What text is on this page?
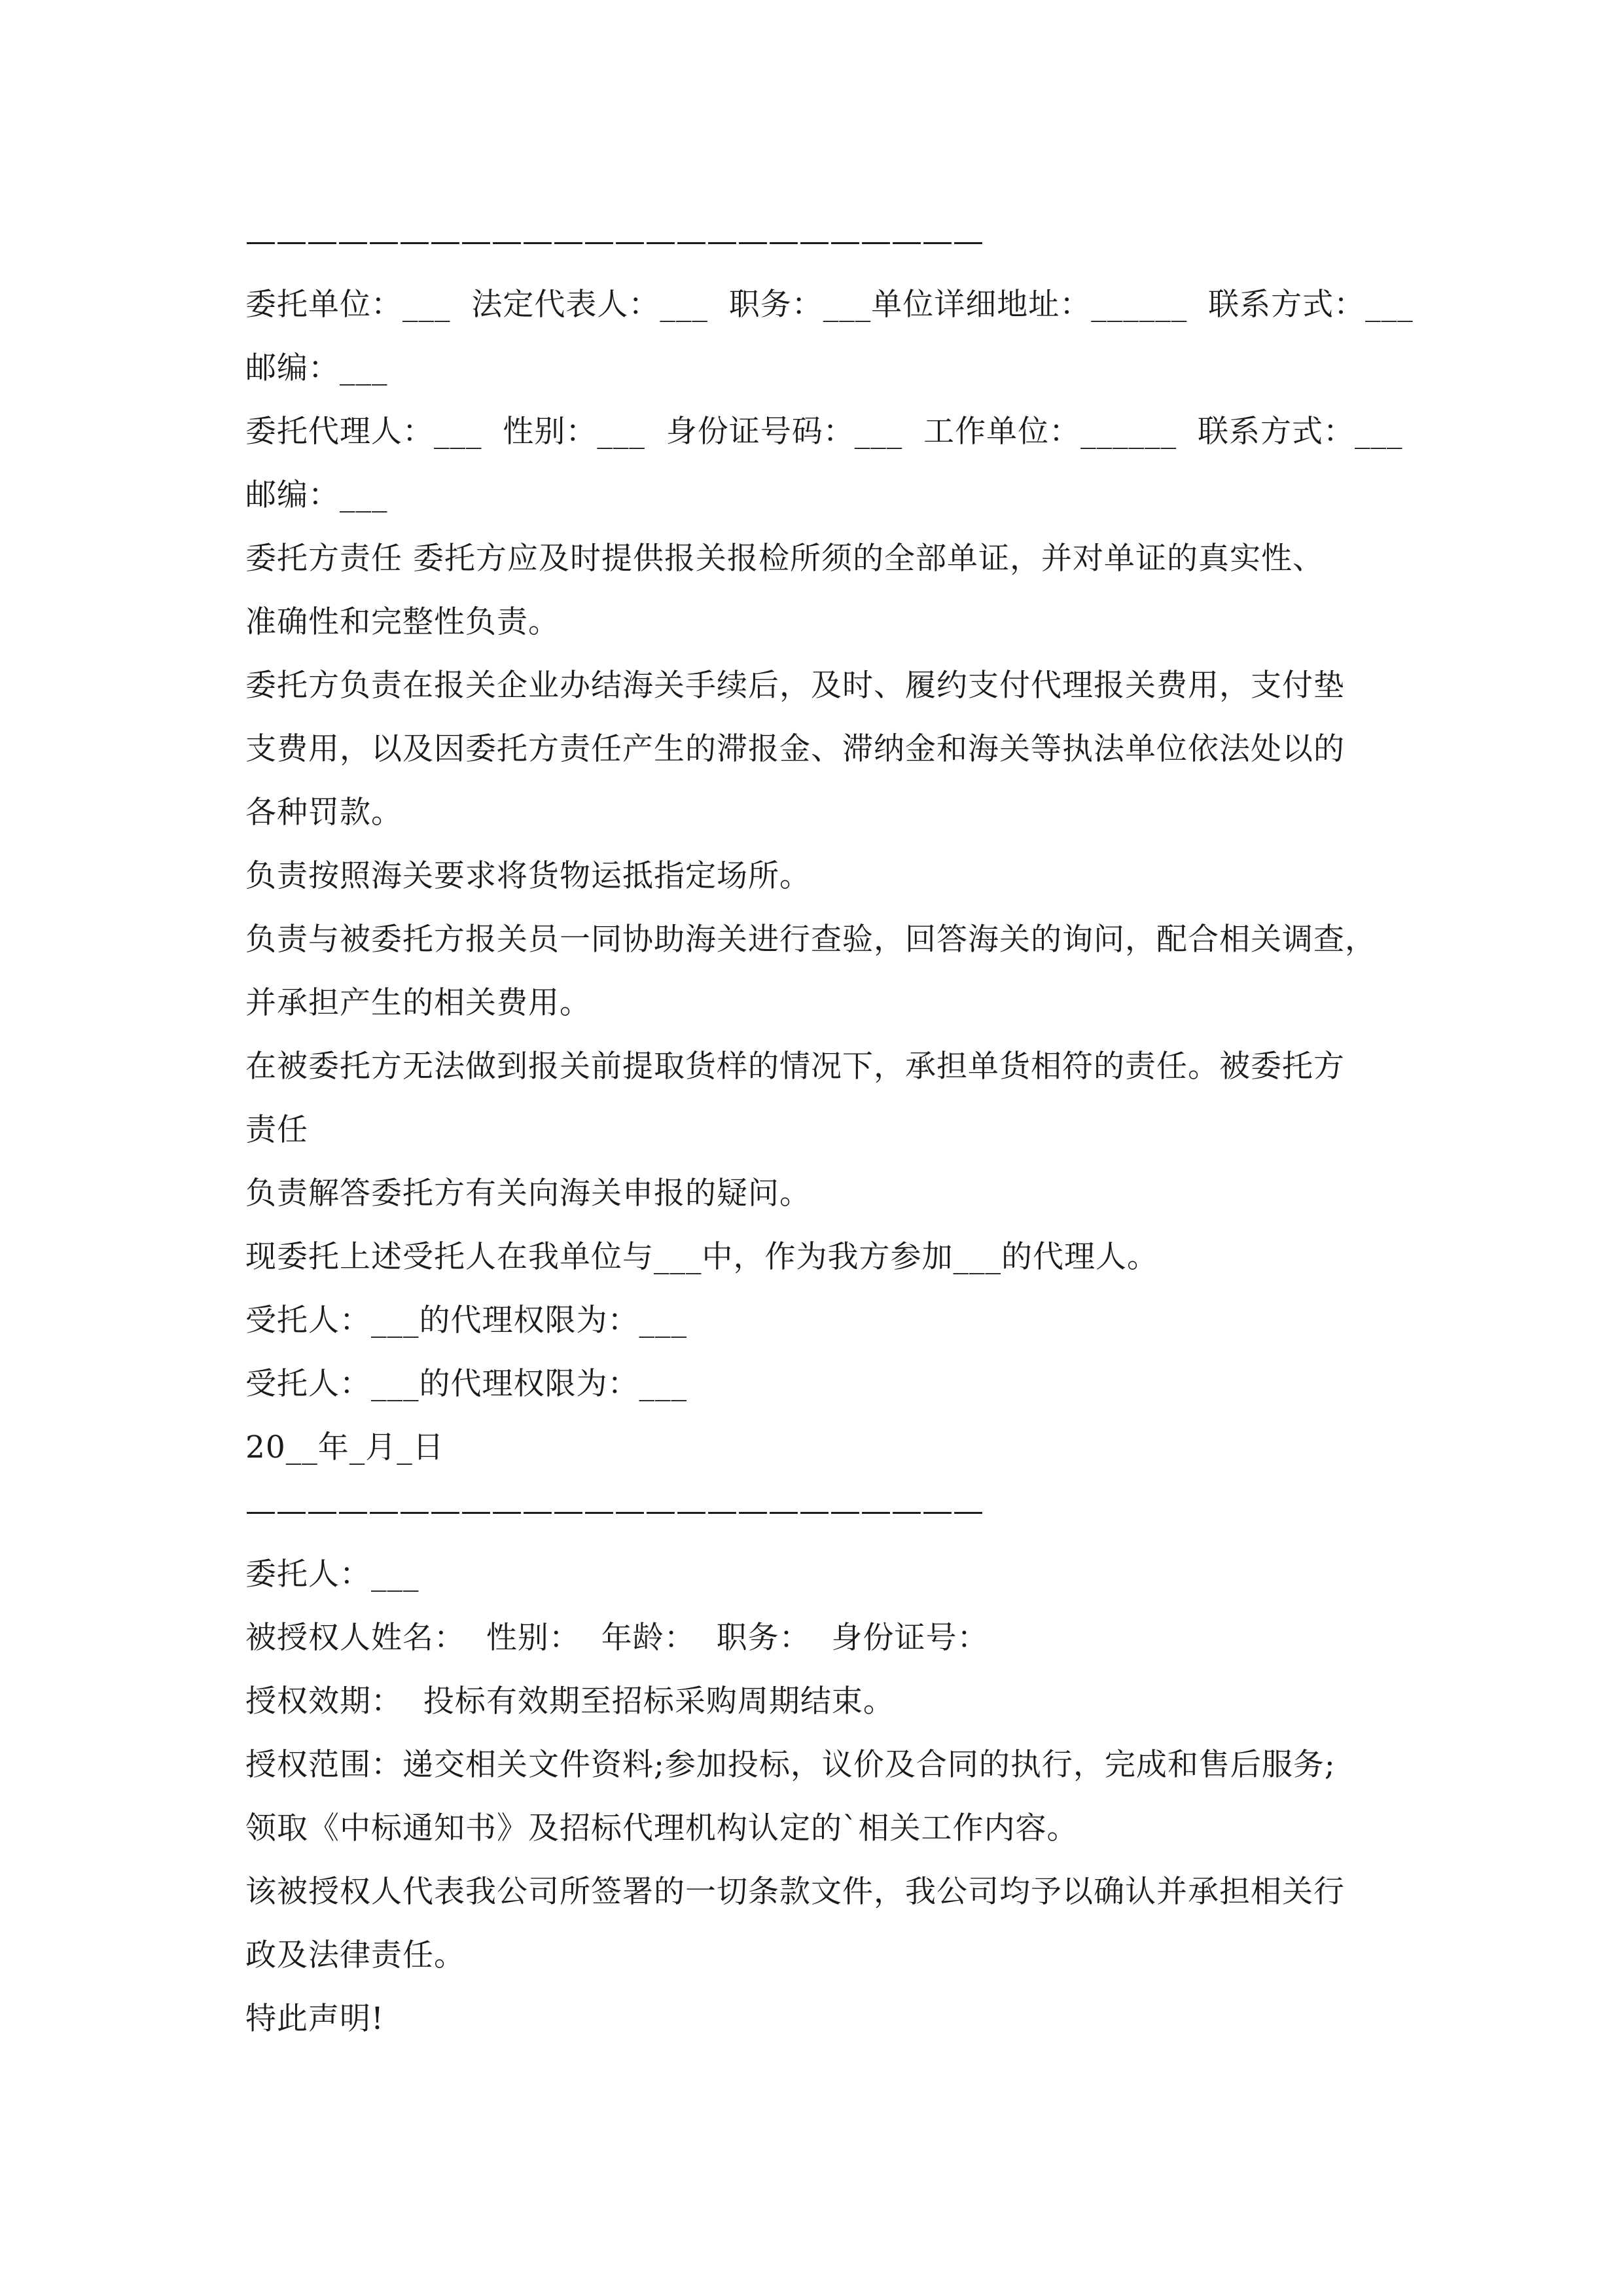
————————————————————————
委托单位：___  法定代表人：___  职务：___单位详细地址：______  联系方式：___
邮编：___
委托代理人：___  性别：___  身份证号码：___  工作单位：______  联系方式：___
邮编：___
委托方责任 委托方应及时提供报关报检所须的全部单证，并对单证的真实性、
准确性和完整性负责。
委托方负责在报关企业办结海关手续后，及时、履约支付代理报关费用，支付垫
支费用，以及因委托方责任产生的滞报金、滞纳金和海关等执法单位依法处以的
各种罚款。
负责按照海关要求将货物运抵指定场所。
负责与被委托方报关员一同协助海关进行查验，回答海关的询问，配合相关调查，
并承担产生的相关费用。
在被委托方无法做到报关前提取货样的情况下，承担单货相符的责任。被委托方
责任
负责解答委托方有关向海关申报的疑问。
现委托上述受托人在我单位与___中，作为我方参加___的代理人。
受托人：___的代理权限为：___
受托人：___的代理权限为：___
20__年_月_日
————————————————————————
委托人：___
被授权人姓名：  性别：  年龄：  职务：  身份证号：
授权效期：  投标有效期至招标采购周期结束。
授权范围：递交相关文件资料;参加投标，议价及合同的执行，完成和售后服务;
领取《中标通知书》及招标代理机构认定的`相关工作内容。
该被授权人代表我公司所签署的一切条款文件，我公司均予以确认并承担相关行
政及法律责任。
特此声明!
